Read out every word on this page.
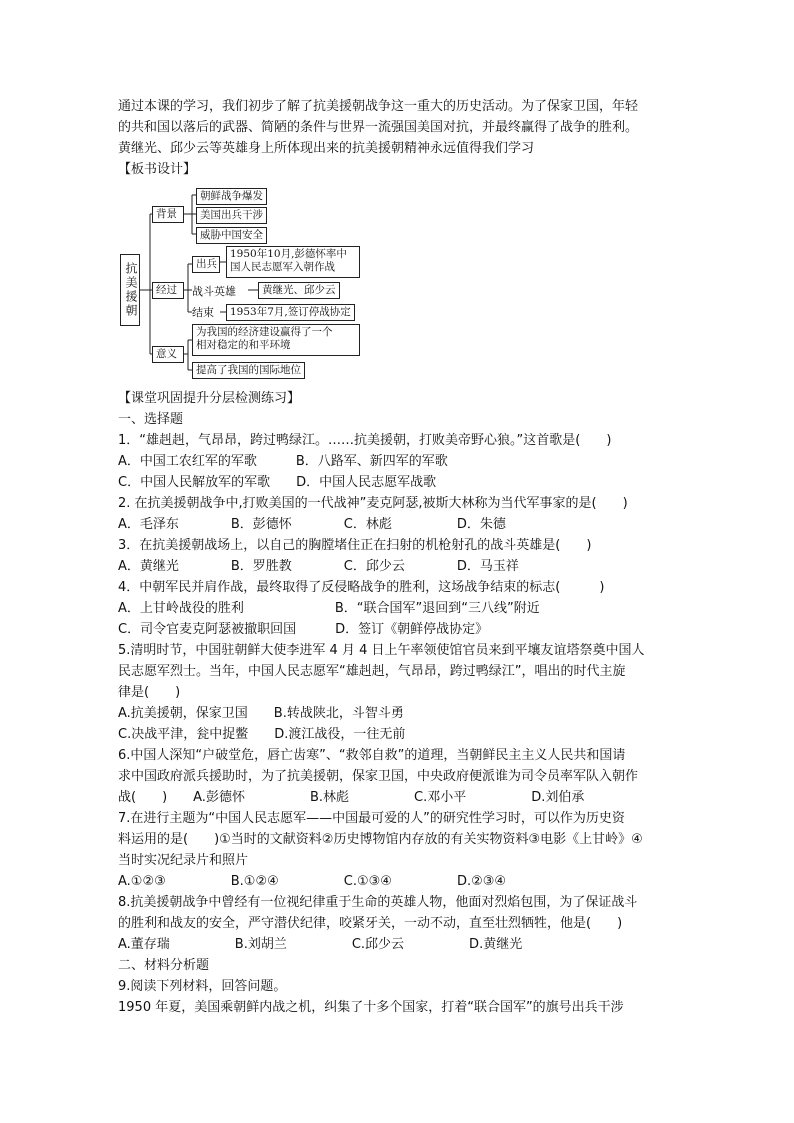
通过本课的学习，我们初步了解了抗美援朝战争这一重大的历史活动。为了保家卫国，年轻
的共和国以落后的武器、简陋的条件与世界一流强国美国对抗，并最终赢得了战争的胜利。
黄继光、邱少云等英雄身上所体现出来的抗美援朝精神永远值得我们学习
【板书设计】
抗美援朝
背景
朝鲜战争爆发
美国出兵干涉
威胁中国安全
经过
出兵
1950年10月,彭德怀率中
国人民志愿军入朝作战
战斗英雄	黄继光、邱少云
结束	1953年7月,签订停战协定
意义
为我国的经济建设赢得了一个
相对稳定的和平环境
提高了我国的国际地位
【课堂巩固提升分层检测练习】
一、选择题
1．“雄赳赳，气昂昂，跨过鸭绿江。……抗美援朝，打败美帝野心狼。”这首歌是(　　)
A．中国工农红军的军歌　　　B．八路军、新四军的军歌
C．中国人民解放军的军歌　　D．中国人民志愿军战歌
2. 在抗美援朝战争中,打败美国的一代战神”麦克阿瑟,被斯大林称为当代军事家的是(　　)
A．毛泽东　　　　B．彭德怀　　　　C．林彪　　　　　D．朱德
3．在抗美援朝战场上，以自己的胸膛堵住正在扫射的机枪射孔的战斗英雄是(　　)
A．黄继光　　　　B．罗胜教　　　　C．邱少云　　　　D．马玉祥
4．中朝军民并肩作战，最终取得了反侵略战争的胜利，这场战争结束的标志(　　　)
A．上甘岭战役的胜利　　　　　　　B．“联合国军”退回到“三八线”附近
C．司令官麦克阿瑟被撤职回国　　　D．签订《朝鲜停战协定》
5.清明时节，中国驻朝鲜大使李进军 4 月 4 日上午率领使馆官员来到平壤友谊塔祭奠中国人
民志愿军烈士。当年，中国人民志愿军“雄赳赳，气昂昂，跨过鸭绿江”，唱出的时代主旋
律是(　　)
A.抗美援朝，保家卫国　　B.转战陕北，斗智斗勇
C.决战平津，瓮中捉鳖　　D.渡江战役，一往无前
6.中国人深知“户破堂危，唇亡齿寒”、“救邻自救”的道理，当朝鲜民主主义人民共和国请
求中国政府派兵援助时，为了抗美援朝，保家卫国，中央政府便派谁为司令员率军队入朝作
战(　　)　　A.彭德怀　　　　　B.林彪　　　　　C.邓小平　　　　　D.刘伯承
7.在进行主题为“中国人民志愿军——中国最可爱的人”的研究性学习时，可以作为历史资
料运用的是(　　)①当时的文献资料②历史博物馆内存放的有关实物资料③电影《上甘岭》④
当时实况纪录片和照片
A.①②③　　　　　B.①②④　　　　　C.①③④　　　　　D.②③④
8.抗美援朝战争中曾经有一位视纪律重于生命的英雄人物，他面对烈焰包围，为了保证战斗
的胜利和战友的安全，严守潜伏纪律，咬紧牙关，一动不动，直至壮烈牺牲，他是(　　)
A.董存瑞　　　　　B.刘胡兰　　　　　C.邱少云　　　　　D.黄继光
二、材料分析题
9.阅读下列材料，回答问题。
1950 年夏，美国乘朝鲜内战之机，纠集了十多个国家，打着“联合国军”的旗号出兵干涉
